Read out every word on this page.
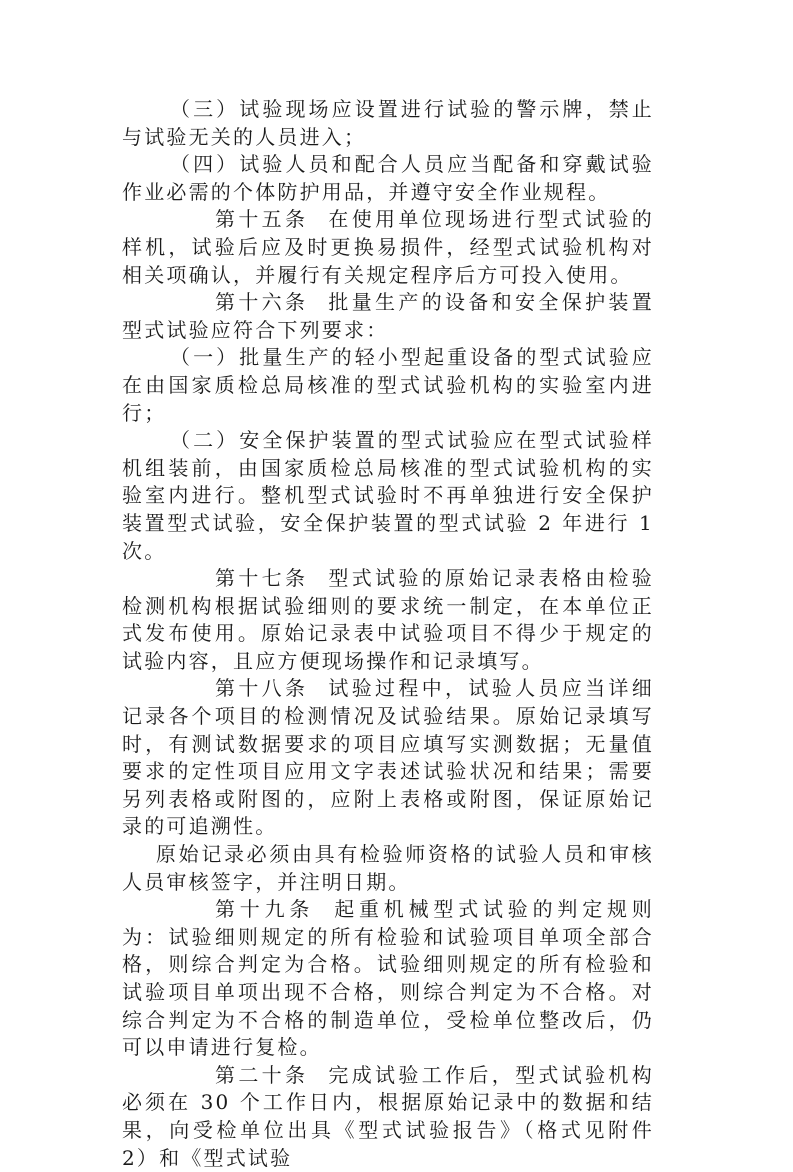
（三）试验现场应设置进行试验的警示牌，禁止与试验无关的人员进入；

（四）试验人员和配合人员应当配备和穿戴试验作业必需的个体防护用品，并遵守安全作业规程。

第十五条 在使用单位现场进行型式试验的样机，试验后应及时更换易损件，经型式试验机构对相关项确认，并履行有关规定程序后方可投入使用。

第十六条 批量生产的设备和安全保护装置型式试验应符合下列要求：

（一）批量生产的轻小型起重设备的型式试验应在由国家质检总局核准的型式试验机构的实验室内进行；

（二）安全保护装置的型式试验应在型式试验样机组装前，由国家质检总局核准的型式试验机构的实验室内进行。整机型式试验时不再单独进行安全保护装置型式试验，安全保护装置的型式试验 2 年进行 1 次。

第十七条 型式试验的原始记录表格由检验检测机构根据试验细则的要求统一制定，在本单位正式发布使用。原始记录表中试验项目不得少于规定的试验内容，且应方便现场操作和记录填写。

第十八条 试验过程中，试验人员应当详细记录各个项目的检测情况及试验结果。原始记录填写时，有测试数据要求的项目应填写实测数据；无量值要求的定性项目应用文字表述试验状况和结果；需要另列表格或附图的，应附上表格或附图，保证原始记录的可追溯性。

原始记录必须由具有检验师资格的试验人员和审核人员审核签字，并注明日期。

第十九条 起重机械型式试验的判定规则为：试验细则规定的所有检验和试验项目单项全部合格，则综合判定为合格。试验细则规定的所有检验和试验项目单项出现不合格，则综合判定为不合格。对综合判定为不合格的制造单位，受检单位整改后，仍可以申请进行复检。

第二十条 完成试验工作后，型式试验机构必须在 30 个工作日内，根据原始记录中的数据和结果，向受检单位出具《型式试验报告》（格式见附件 2）和《型式试验
